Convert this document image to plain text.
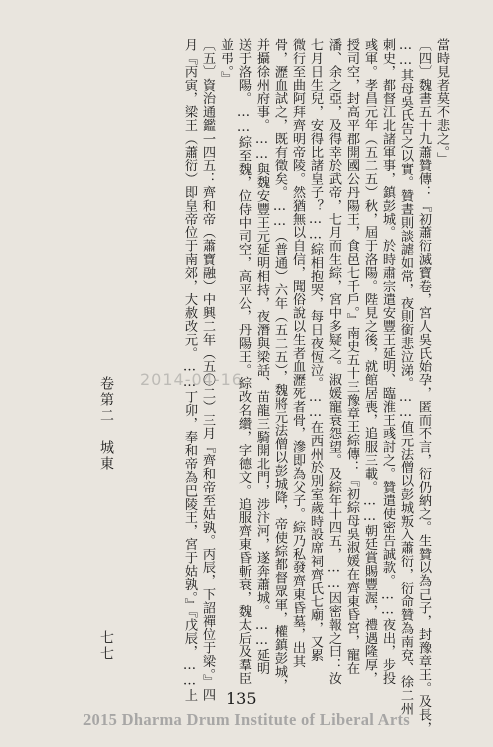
當時見者莫不悲之。」
〔四〕魏書五十九蕭贊傳：『初蕭衍滅寶卷，宮人吳氏始孕，匿而不言，衍仍納之。生贊以為己子，封豫章王。及長，
……其母吳氏告之以實。贊晝則談謔如常，夜則銜悲泣涕。……值元法僧以彭城叛入蕭衍，衍命贊為南兗、徐二州
刺史，都督江北諸軍事，鎮彭城。於時肅宗遣安豐王延明、臨淮王彧討之。贊遣使密告誠款。……夜出，步投
彧軍。孝昌元年（五二五）秋，屆于洛陽。陛見之後，就館居喪，追服三載。……朝廷賞賜豐渥，禮遇隆厚，
授司空，封高平郡開國公丹陽王，食邑七千戶。』南史五十三豫章王綜傳：『初綜母吳淑媛在齊東昏宮，寵在
潘、余之亞，及得幸於武帝，七月而生綜，宮中多疑之。淑媛寵衰怨望。及綜年十四五，……因密報之曰：汝
七月日生兒，安得比諸皇子？……綜相抱哭，每日夜恆泣。……在西州於別室歲時設席祠齊氏七廟，又累
微行至曲阿拜齊明帝陵。然猶無以自信，聞俗說以生者血瀝死者骨，滲即為父子。綜乃私發齊東昏墓，出其
骨，瀝血試之，既有徵矣。……（普通）六年（五二五），魏將元法僧以彭城降，帝使綜都督眾軍，權鎮彭城，
并攝徐州府事。……與魏安豐王元延明相持，夜潛與梁話、苗龍三騎開北門，涉汴河，遂奔蕭城。……延明
送于洛陽。……綜至魏，位侍中司空，高平公，丹陽王。綜改名纘，字德文。追服齊東昏斬衰，魏太后及羣臣
並弔。』
〔五〕資治通鑑一四五：齊和帝（蕭寶融）中興二年（五〇二）三月『齊和帝至姑孰。丙辰，下詔禪位于梁。』四
月『丙寅，梁王（蕭衍）即皇帝位于南郊，大赦改元。……丁卯，奉和帝為巴陵王，宮于姑孰。』『戊辰，……上
卷第二　城東
七七
135
2014-04-16
2015 Dharma Drum Institute of Liberal Arts
